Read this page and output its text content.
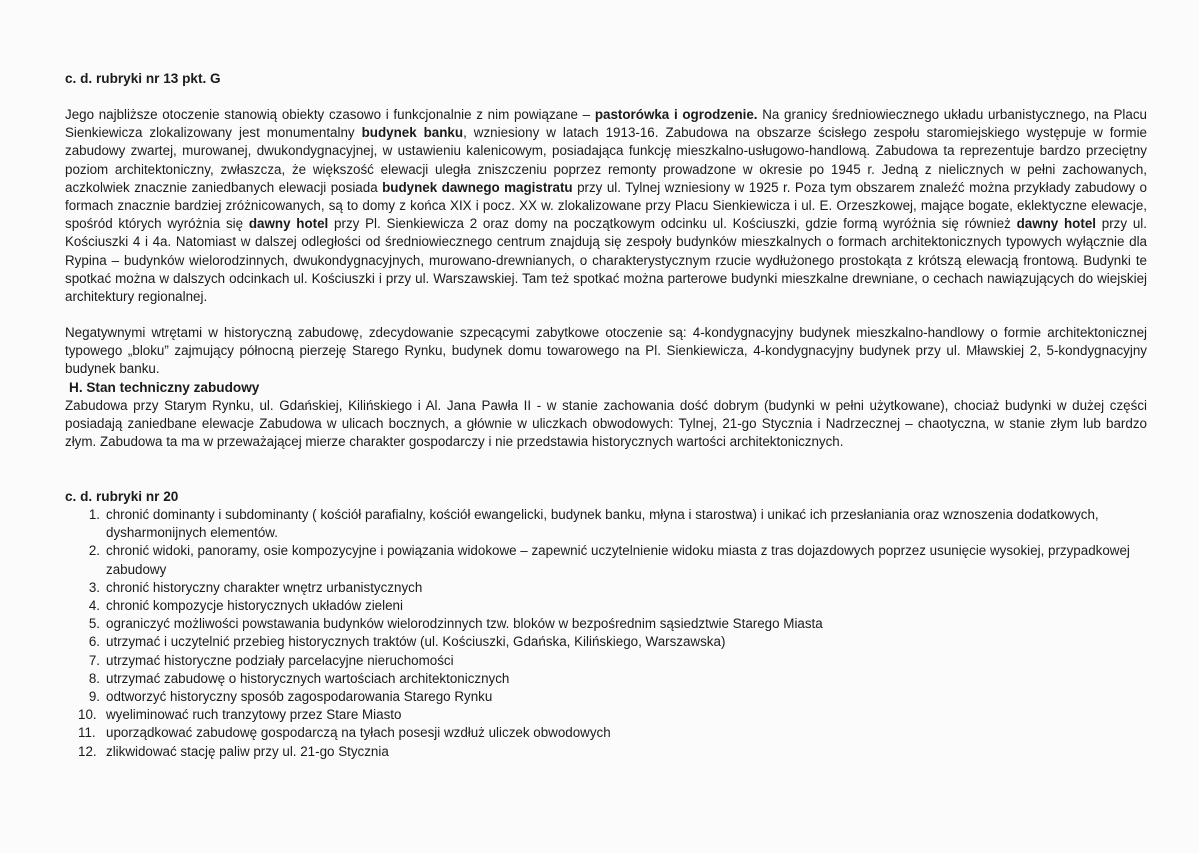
c. d. rubryki nr 13 pkt. G
Jego najbliższe otoczenie stanowią obiekty czasowo i funkcjonalnie z nim powiązane – pastorówka i ogrodzenie. Na granicy średniowiecznego układu urbanistycznego, na Placu Sienkiewicza zlokalizowany jest monumentalny budynek banku, wzniesiony w latach 1913-16. Zabudowa na obszarze ścisłego zespołu staromiejskiego występuje w formie zabudowy zwartej, murowanej, dwukondygnacyjnej, w ustawieniu kalenicowym, posiadająca funkcję mieszkalno-usługowo-handlową. Zabudowa ta reprezentuje bardzo przeciętny poziom architektoniczny, zwłaszcza, że większość elewacji uległa zniszczeniu poprzez remonty prowadzone w okresie po 1945 r. Jedną z nielicznych w pełni zachowanych, aczkolwiek znacznie zaniedbanych elewacji posiada budynek dawnego magistratu przy ul. Tylnej wzniesiony w 1925 r. Poza tym obszarem znaleźć można przykłady zabudowy o formach znacznie bardziej zróżnicowanych, są to domy z końca XIX i pocz. XX w. zlokalizowane przy Placu Sienkiewicza i ul. E. Orzeszkowej, mające bogate, eklektyczne elewacje, spośród których wyróżnia się dawny hotel przy Pl. Sienkiewicza 2 oraz domy na początkowym odcinku ul. Kościuszki, gdzie formą wyróżnia się również dawny hotel przy ul. Kościuszki 4 i 4a. Natomiast w dalszej odległości od średniowiecznego centrum znajdują się zespoły budynków mieszkalnych o formach architektonicznych typowych wyłącznie dla Rypina – budynków wielorodzinnych, dwukondygnacyjnych, murowano-drewnianych, o charakterystycznym rzucie wydłużonego prostokąta z krótszą elewacją frontową. Budynki te spotkać można w dalszych odcinkach ul. Kościuszki i przy ul. Warszawskiej. Tam też spotkać można parterowe budynki mieszkalne drewniane, o cechach nawiązujących do wiejskiej architektury regionalnej.
Negatywnymi wtrętami w historyczną zabudowę, zdecydowanie szpecącymi zabytkowe otoczenie są: 4-kondygnacyjny budynek mieszkalno-handlowy o formie architektonicznej typowego „bloku” zajmujący północną pierzeję Starego Rynku, budynek domu towarowego na Pl. Sienkiewicza, 4-kondygnacyjny budynek przy ul. Mławskiej 2, 5-kondygnacyjny budynek banku.
H. Stan techniczny zabudowy
Zabudowa przy Starym Rynku, ul. Gdańskiej, Kilińskiego i Al. Jana Pawła II - w stanie zachowania dość dobrym (budynki w pełni użytkowane), chociaż budynki w dużej części posiadają zaniedbane elewacje Zabudowa w ulicach bocznych, a głównie w uliczkach obwodowych: Tylnej, 21-go Stycznia i Nadrzecznej – chaotyczna, w stanie złym lub bardzo złym. Zabudowa ta ma w przeważającej mierze charakter gospodarczy i nie przedstawia historycznych wartości architektonicznych.
c. d. rubryki nr 20
1. chronić dominanty i subdominanty ( kościół parafialny, kościół ewangelicki, budynek banku, młyna i starostwa) i unikać ich przesłaniania oraz wznoszenia dodatkowych, dysharmonijnych elementów.
2. chronić widoki, panoramy, osie kompozycyjne i powiązania widokowe – zapewnić uczytelnienie widoku miasta z tras dojazdowych poprzez usunięcie wysokiej, przypadkowej zabudowy
3. chronić historyczny charakter wnętrz urbanistycznych
4. chronić kompozycje historycznych układów zieleni
5. ograniczyć możliwości powstawania budynków wielorodzinnych tzw. bloków w bezpośrednim sąsiedztwie Starego Miasta
6. utrzymać i uczytelnić przebieg historycznych traktów (ul. Kościuszki, Gdańska, Kilińskiego, Warszawska)
7. utrzymać historyczne podziały parcelacyjne nieruchomości
8. utrzymać zabudowę o historycznych wartościach architektonicznych
9. odtworzyć historyczny sposób zagospodarowania Starego Rynku
10. wyeliminować ruch tranzytowy przez Stare Miasto
11. uporządkować zabudowę gospodarczą na tyłach posesji wzdłuż uliczek obwodowych
12. zlikwidować stację paliw przy ul. 21-go Stycznia
